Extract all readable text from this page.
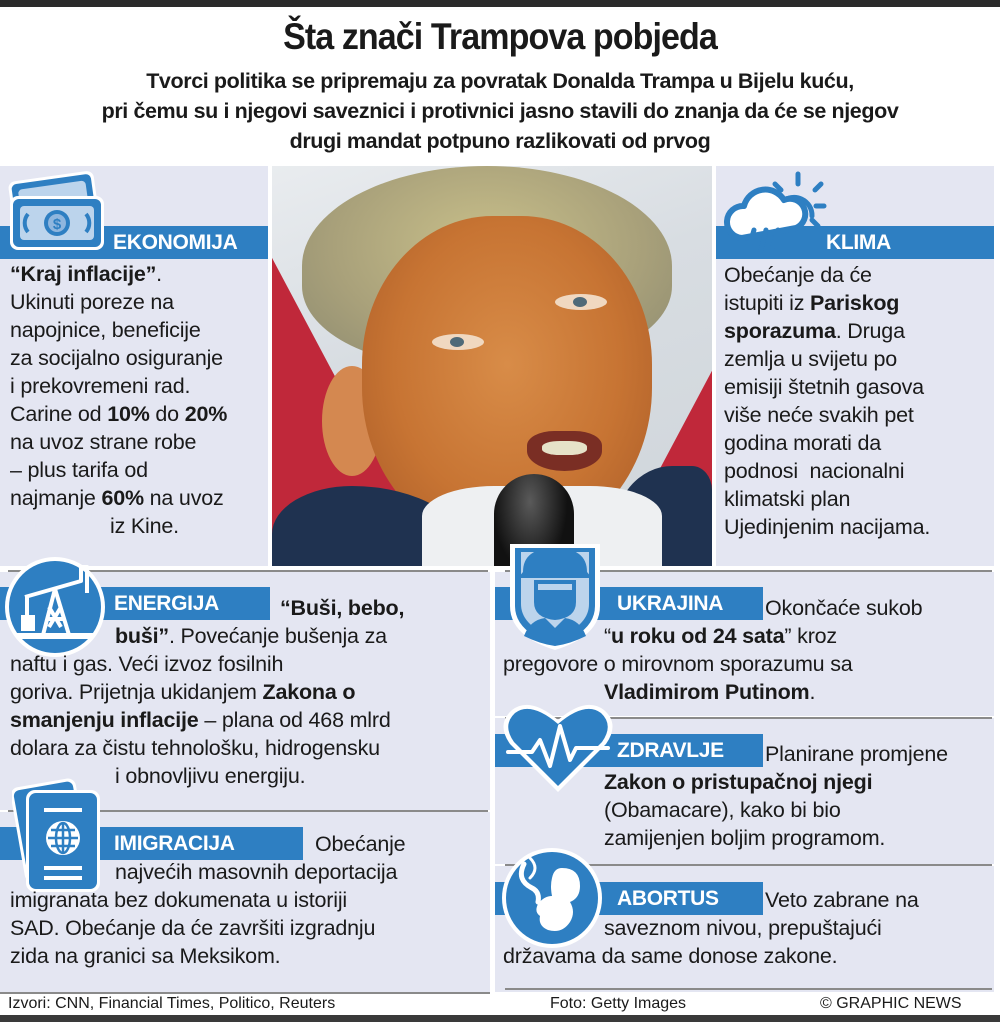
Šta znači Trampova pobjeda
Tvorci politika se pripremaju za povratak Donalda Trampa u Bijelu kuću,
pri čemu su i njegovi saveznici i protivnici jasno stavili do znanja da će se njegov
drugi mandat potpuno razlikovati od prvog
EKONOMIJA
$
“Kraj inflacije”.
Ukinuti poreze na
napojnice, beneficije
za socijalno osiguranje
i prekovremeni rad.
Carine od 10% do 20%
na uvoz strane robe
– plus tarifa od
najmanje 60% na uvoz
iz Kine.
KLIMA
Obećanje da će
istupiti iz Pariskog
sporazuma. Druga
zemlja u svijetu po
emisiji štetnih gasova
više neće svakih pet
godina morati da
podnosi  nacionalni
klimatski plan
Ujedinjenim nacijama.
ENERGIJA	“Buši, bebo,
buši”. Povećanje bušenja za
naftu i gas. Veći izvoz fosilnih
goriva. Prijetnja ukidanjem Zakona o
smanjenju inflacije – plana od 468 mlrd
dolara za čistu tehnološku, hidrogensku
i obnovljivu energiju.
IMIGRACIJA	Obećanje
najvećih masovnih deportacija
imigranata bez dokumenata u istoriji
SAD. Obećanje da će završiti izgradnju
zida na granici sa Meksikom.
UKRAJINA	Okončaće sukob
“u roku od 24 sata” kroz
pregovore o mirovnom sporazumu sa
Vladimirom Putinom.
ZDRAVLJE	Planirane promjene
Zakon o pristupačnoj njegi
(Obamacare), kako bi bio
zamijenjen boljim programom.
ABORTUS	Veto zabrane na
saveznom nivou, prepuštajući
državama da same donose zakone.
Izvori: CNN, Financial Times, Politico, Reuters	Foto: Getty Images	© GRAPHIC NEWS
